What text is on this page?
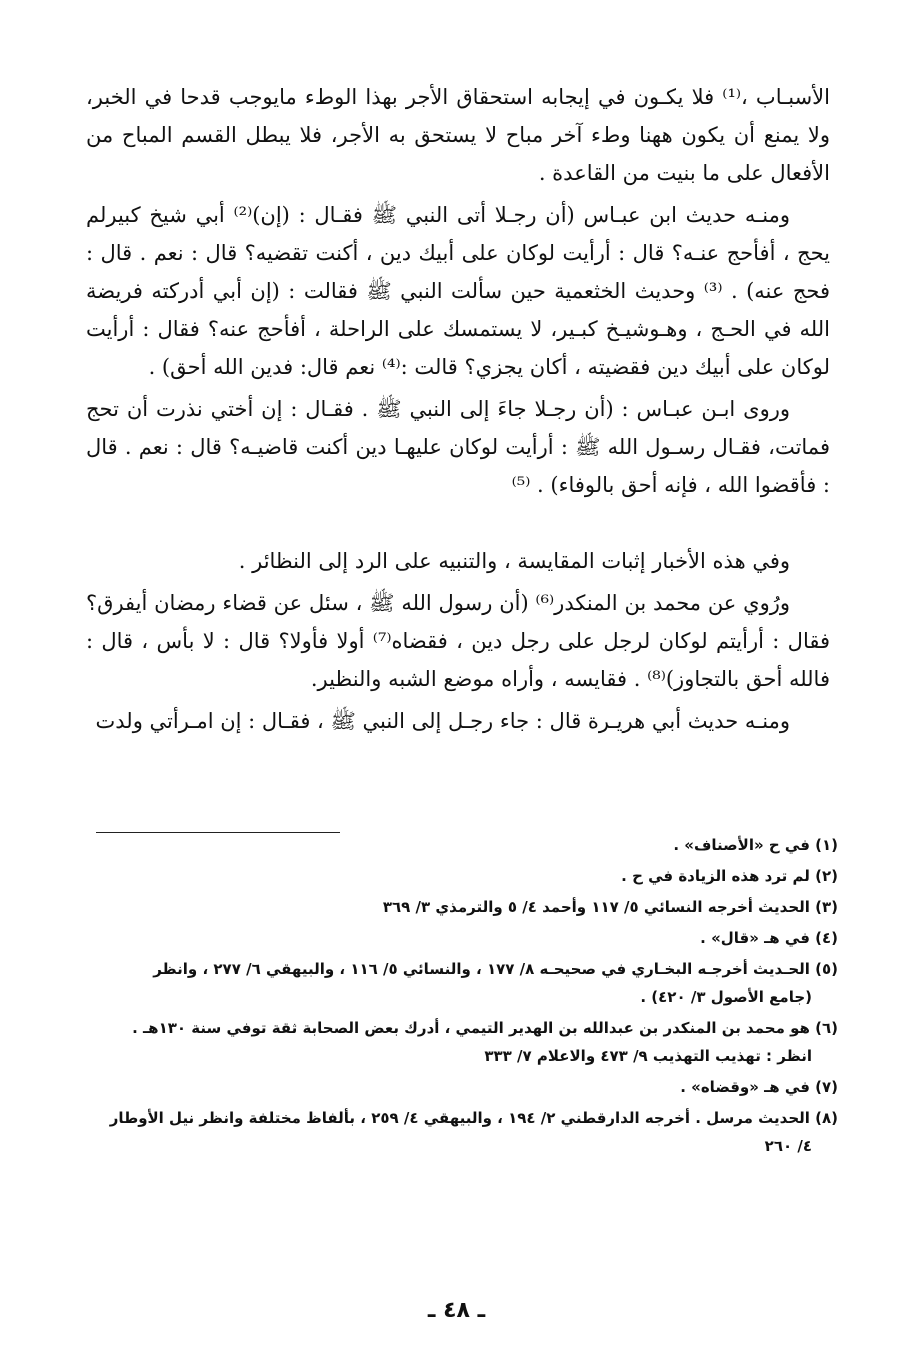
الأسبـاب ،⁽¹⁾ فلا يكـون في إيجابه استحقاق الأجر بهذا الوطء مايوجب قدحا في الخبر، ولا يمنع أن يكون ههنا وطء آخر مباح لا يستحق به الأجر، فلا يبطل القسم المباح من الأفعال على ما بنيت من القاعدة .

ومنـه حديث ابن عبـاس (أن رجـلا أتى النبي ﷺ فقـال : (إن)⁽²⁾ أبي شيخ كبيرلم يحج ، أفأحج عنـه؟ قال : أرأيت لوكان على أبيك دين ، أكنت تقضيه؟ قال : نعم . قال : فحج عنه) . ⁽³⁾ وحديث الخثعمية حين سألت النبي ﷺ فقالت : (إن أبي أدركته فريضة الله في الحـج ، وهـوشيـخ كبـير، لا يستمسك على الراحلة ، أفأحج عنه؟ فقال : أرأيت لوكان على أبيك دين فقضيته ، أكان يجزي؟ قالت :⁽⁴⁾ نعم قال: فدين الله أحق) .

وروى ابـن عبـاس : (أن رجـلا جاءَ إلى النبي ﷺ . فقـال : إن أختي نذرت أن تحج فماتت، فقـال رسـول الله ﷺ : أرأيت لوكان عليهـا دين أكنت قاضيـه؟ قال : نعم . قال : فأقضوا الله ، فإنه أحق بالوفاء) . ⁽⁵⁾

وفي هذه الأخبار إثبات المقايسة ، والتنبيه على الرد إلى النظائر .

ورُوي عن محمد بن المنكدر⁽⁶⁾ (أن رسول الله ﷺ ، سئل عن قضاء رمضان أيفرق؟ فقال : أرأيتم لوكان لرجل على رجل دين ، فقضاه⁽⁷⁾ أولا فأولا؟ قال : لا بأس ، قال : فالله أحق بالتجاوز)⁽⁸⁾ . فقايسه ، وأراه موضع الشبه والنظير.

ومنـه حديث أبي هريـرة قال : جاء رجـل إلى النبي ﷺ ، فقـال : إن امـرأتي ولدت

(١) في ح «الأصناف» .
(٢) لم ترد هذه الزيادة في ح .
(٣) الحديث أخرجه النسائي ٥/ ١١٧ وأحمد ٤/ ٥ والترمذي ٣/ ٣٦٩
(٤) في هـ «قال» .
(٥) الحـديث أخرجـه البخـاري في صحيحـه ٨/ ١٧٧ ، والنسائي ٥/ ١١٦ ، والبيهقي ٦/ ٢٧٧ ، وانظر
(جامع الأصول ٣/ ٤٢٠) .
(٦) هو محمد بن المنكدر بن عبدالله بن الهدير التيمي ، أدرك بعض الصحابة ثقة توفي سنة ١٣٠هـ .
انظر : تهذيب التهذيب ٩/ ٤٧٣ والاعلام ٧/ ٣٣٣
(٧) في هـ «وقضاه» .
(٨) الحديث مرسل . أخرجه الدارقطني ٢/ ١٩٤ ، والبيهقي ٤/ ٢٥٩ ، بألفاظ مختلفة وانظر نيل الأوطار
٤/ ٢٦٠
ـ ٤٨ ـ
